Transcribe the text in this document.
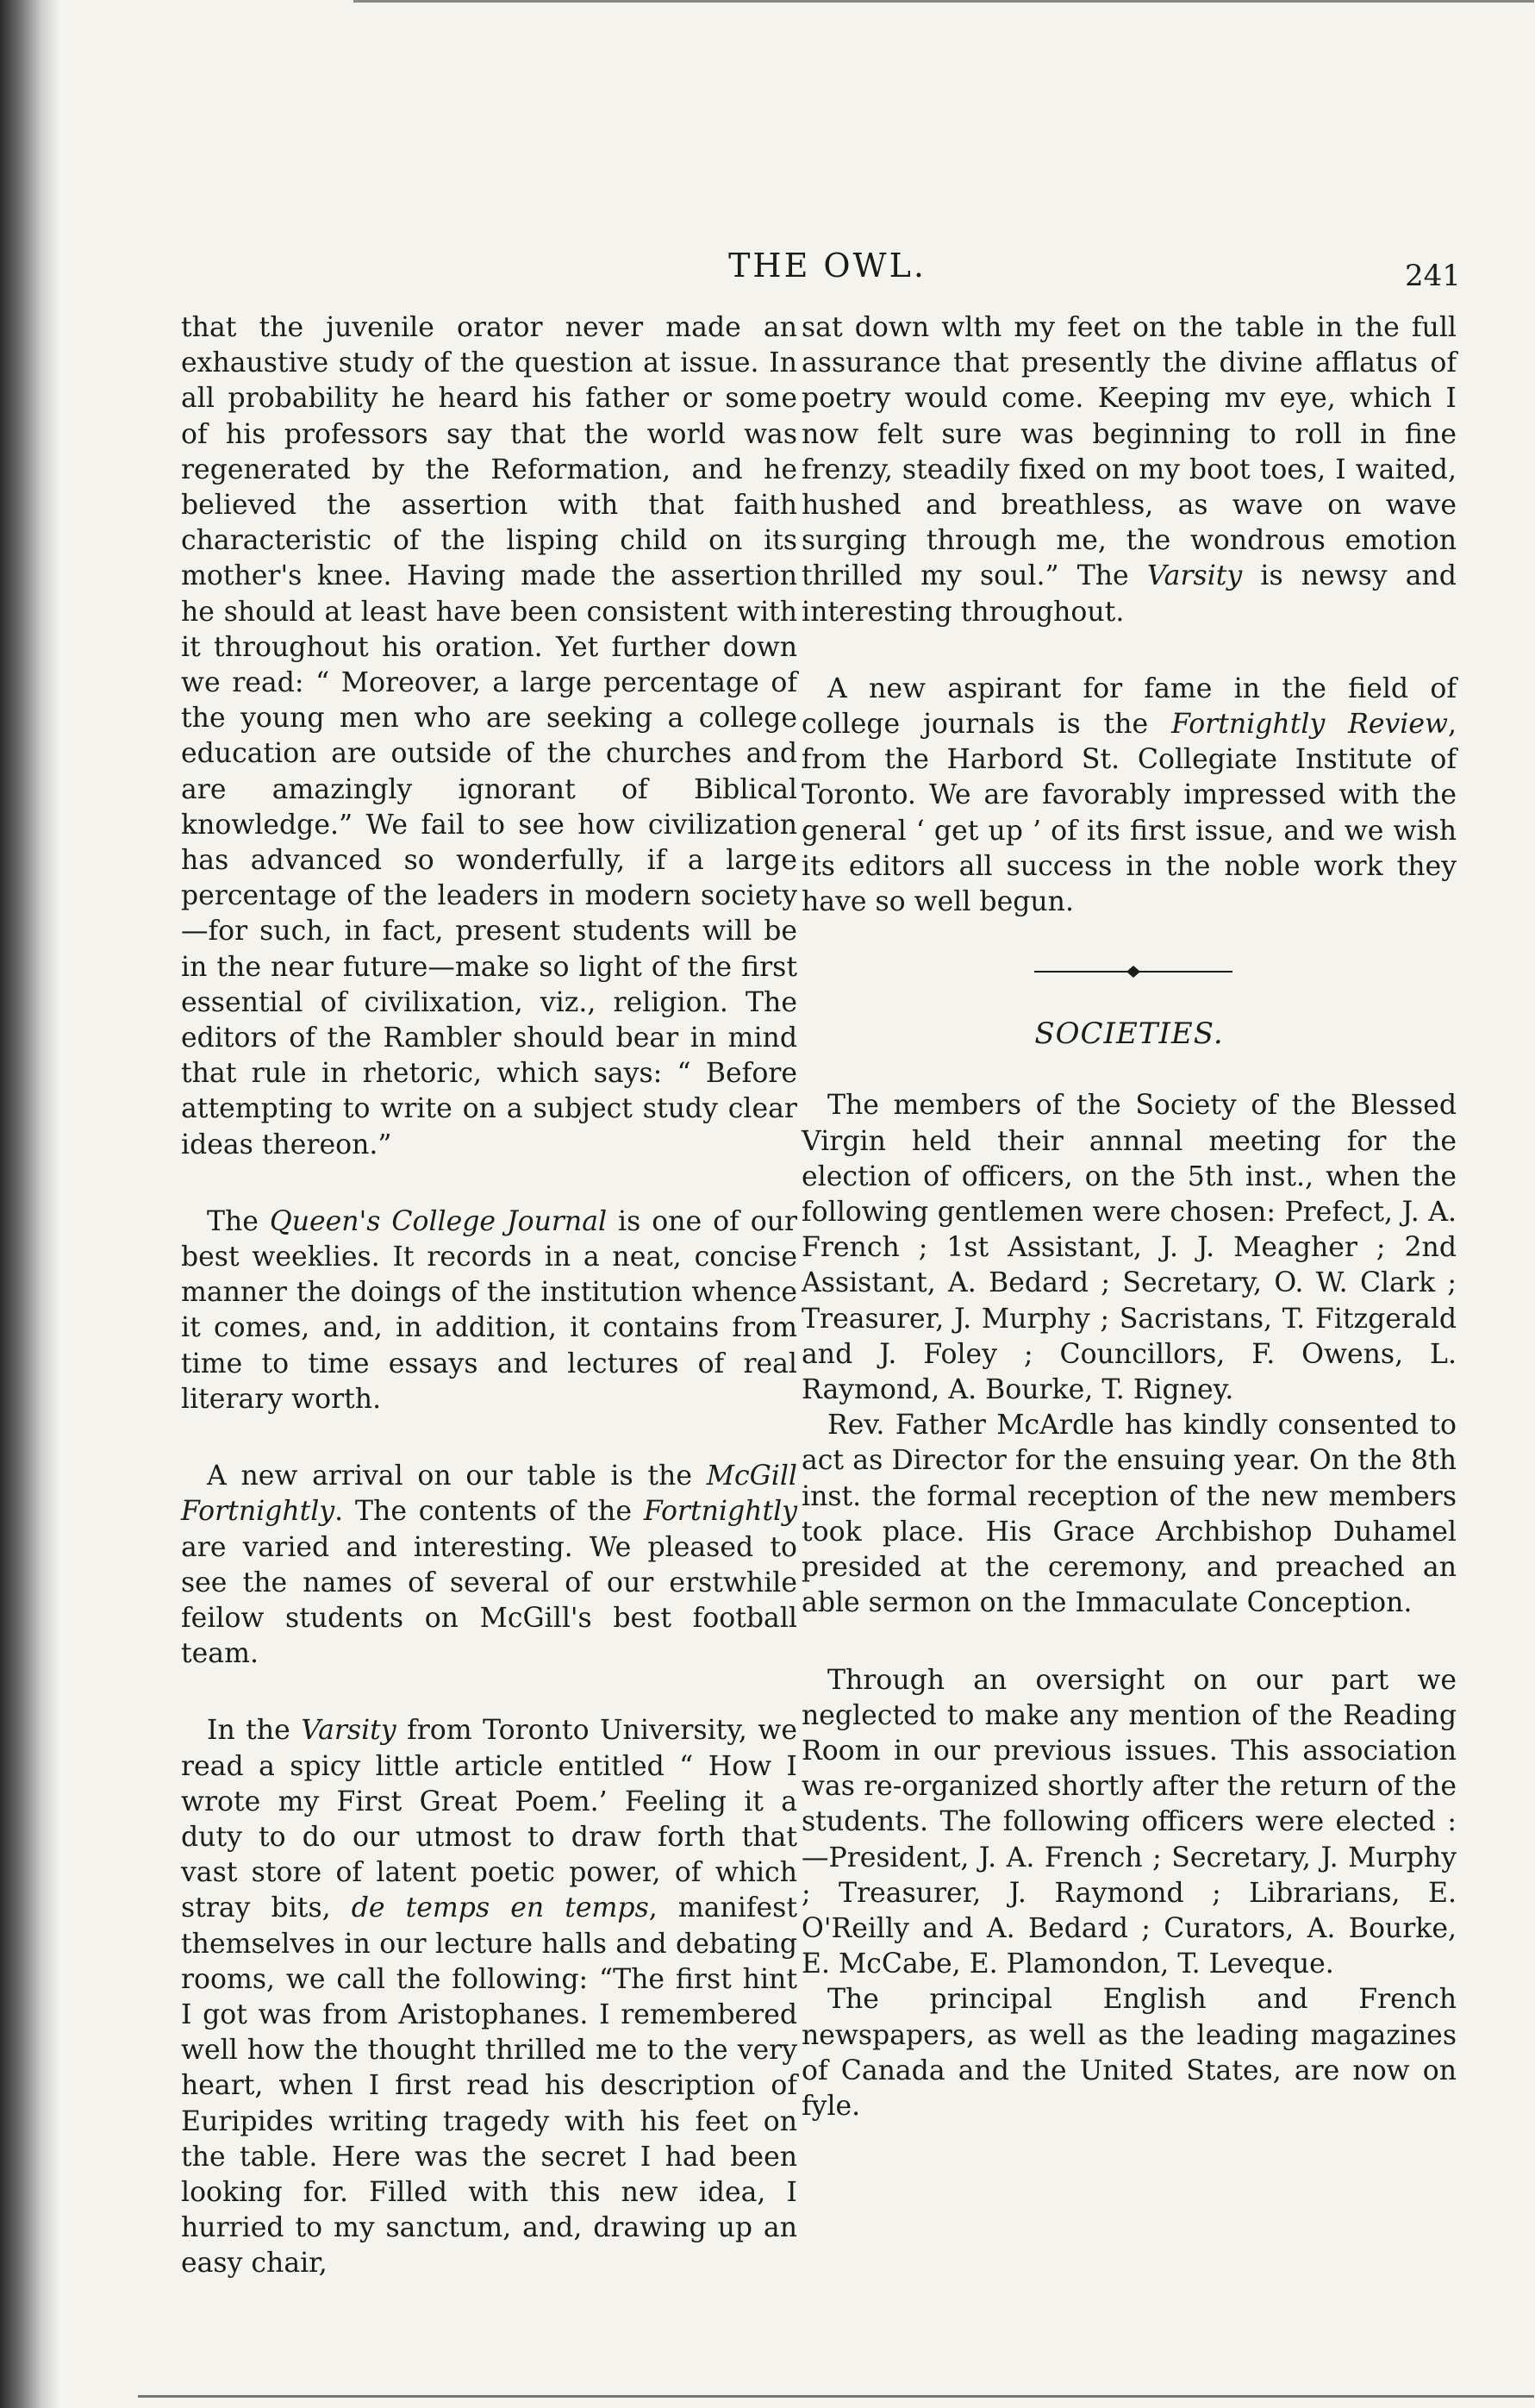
THE OWL.	241

that the juvenile orator never made an exhaustive study of the question at issue. In all probability he heard his father or some of his professors say that the world was regenerated by the Reformation, and he believed the assertion with that faith characteristic of the lisping child on its mother's knee. Having made the assertion he should at least have been consistent with it throughout his oration. Yet further down we read: “ Moreover, a large percentage of the young men who are seeking a college education are outside of the churches and are amazingly ignorant of Biblical knowledge.” We fail to see how civilization has advanced so wonderfully, if a large percentage of the leaders in modern society—for such, in fact, present students will be in the near future—make so light of the first essential of civilixation, viz., religion. The editors of the Rambler should bear in mind that rule in rhetoric, which says: “ Before attempting to write on a subject study clear ideas thereon.”

The Queen's College Journal is one of our best weeklies. It records in a neat, concise manner the doings of the institution whence it comes, and, in addition, it contains from time to time essays and lectures of real literary worth.

A new arrival on our table is the McGill Fortnightly. The contents of the Fortnightly are varied and interesting. We pleased to see the names of several of our erstwhile feilow students on McGill's best football team.

In the Varsity from Toronto University, we read a spicy little article entitled “ How I wrote my First Great Poem.’ Feeling it a duty to do our utmost to draw forth that vast store of latent poetic power, of which stray bits, de temps en temps, manifest themselves in our lecture halls and debating rooms, we call the following: “The first hint I got was from Aristophanes. I remembered well how the thought thrilled me to the very heart, when I first read his description of Euripides writing tragedy with his feet on the table. Here was the secret I had been looking for. Filled with this new idea, I hurried to my sanctum, and, drawing up an easy chair,

sat down wlth my feet on the table in the full assurance that presently the divine afflatus of poetry would come. Keeping mv eye, which I now felt sure was beginning to roll in fine frenzy, steadily fixed on my boot toes, I waited, hushed and breathless, as wave on wave surging through me, the wondrous emotion thrilled my soul.” The Varsity is newsy and interesting throughout.

A new aspirant for fame in the field of college journals is the Fortnightly Review, from the Harbord St. Collegiate Institute of Toronto. We are favorably impressed with the general ‘ get up ’ of its first issue, and we wish its editors all success in the noble work they have so well begun.

SOCIETIES.

The members of the Society of the Blessed Virgin held their annnal meeting for the election of officers, on the 5th inst., when the following gentlemen were chosen: Prefect, J. A. French ; 1st Assistant, J. J. Meagher ; 2nd Assistant, A. Bedard ; Secretary, O. W. Clark ; Treasurer, J. Murphy ; Sacristans, T. Fitzgerald and J. Foley ; Councillors, F. Owens, L. Raymond, A. Bourke, T. Rigney.

Rev. Father McArdle has kindly consented to act as Director for the ensuing year. On the 8th inst. the formal reception of the new members took place. His Grace Archbishop Duhamel presided at the ceremony, and preached an able sermon on the Immaculate Conception.

Through an oversight on our part we neglected to make any mention of the Reading Room in our previous issues. This association was re-organized shortly after the return of the students. The following officers were elected :—President, J. A. French ; Secretary, J. Murphy ; Treasurer, J. Raymond ; Librarians, E. O'Reilly and A. Bedard ; Curators, A. Bourke, E. McCabe, E. Plamondon, T. Leveque.

The principal English and French newspapers, as well as the leading magazines of Canada and the United States, are now on fyle.
